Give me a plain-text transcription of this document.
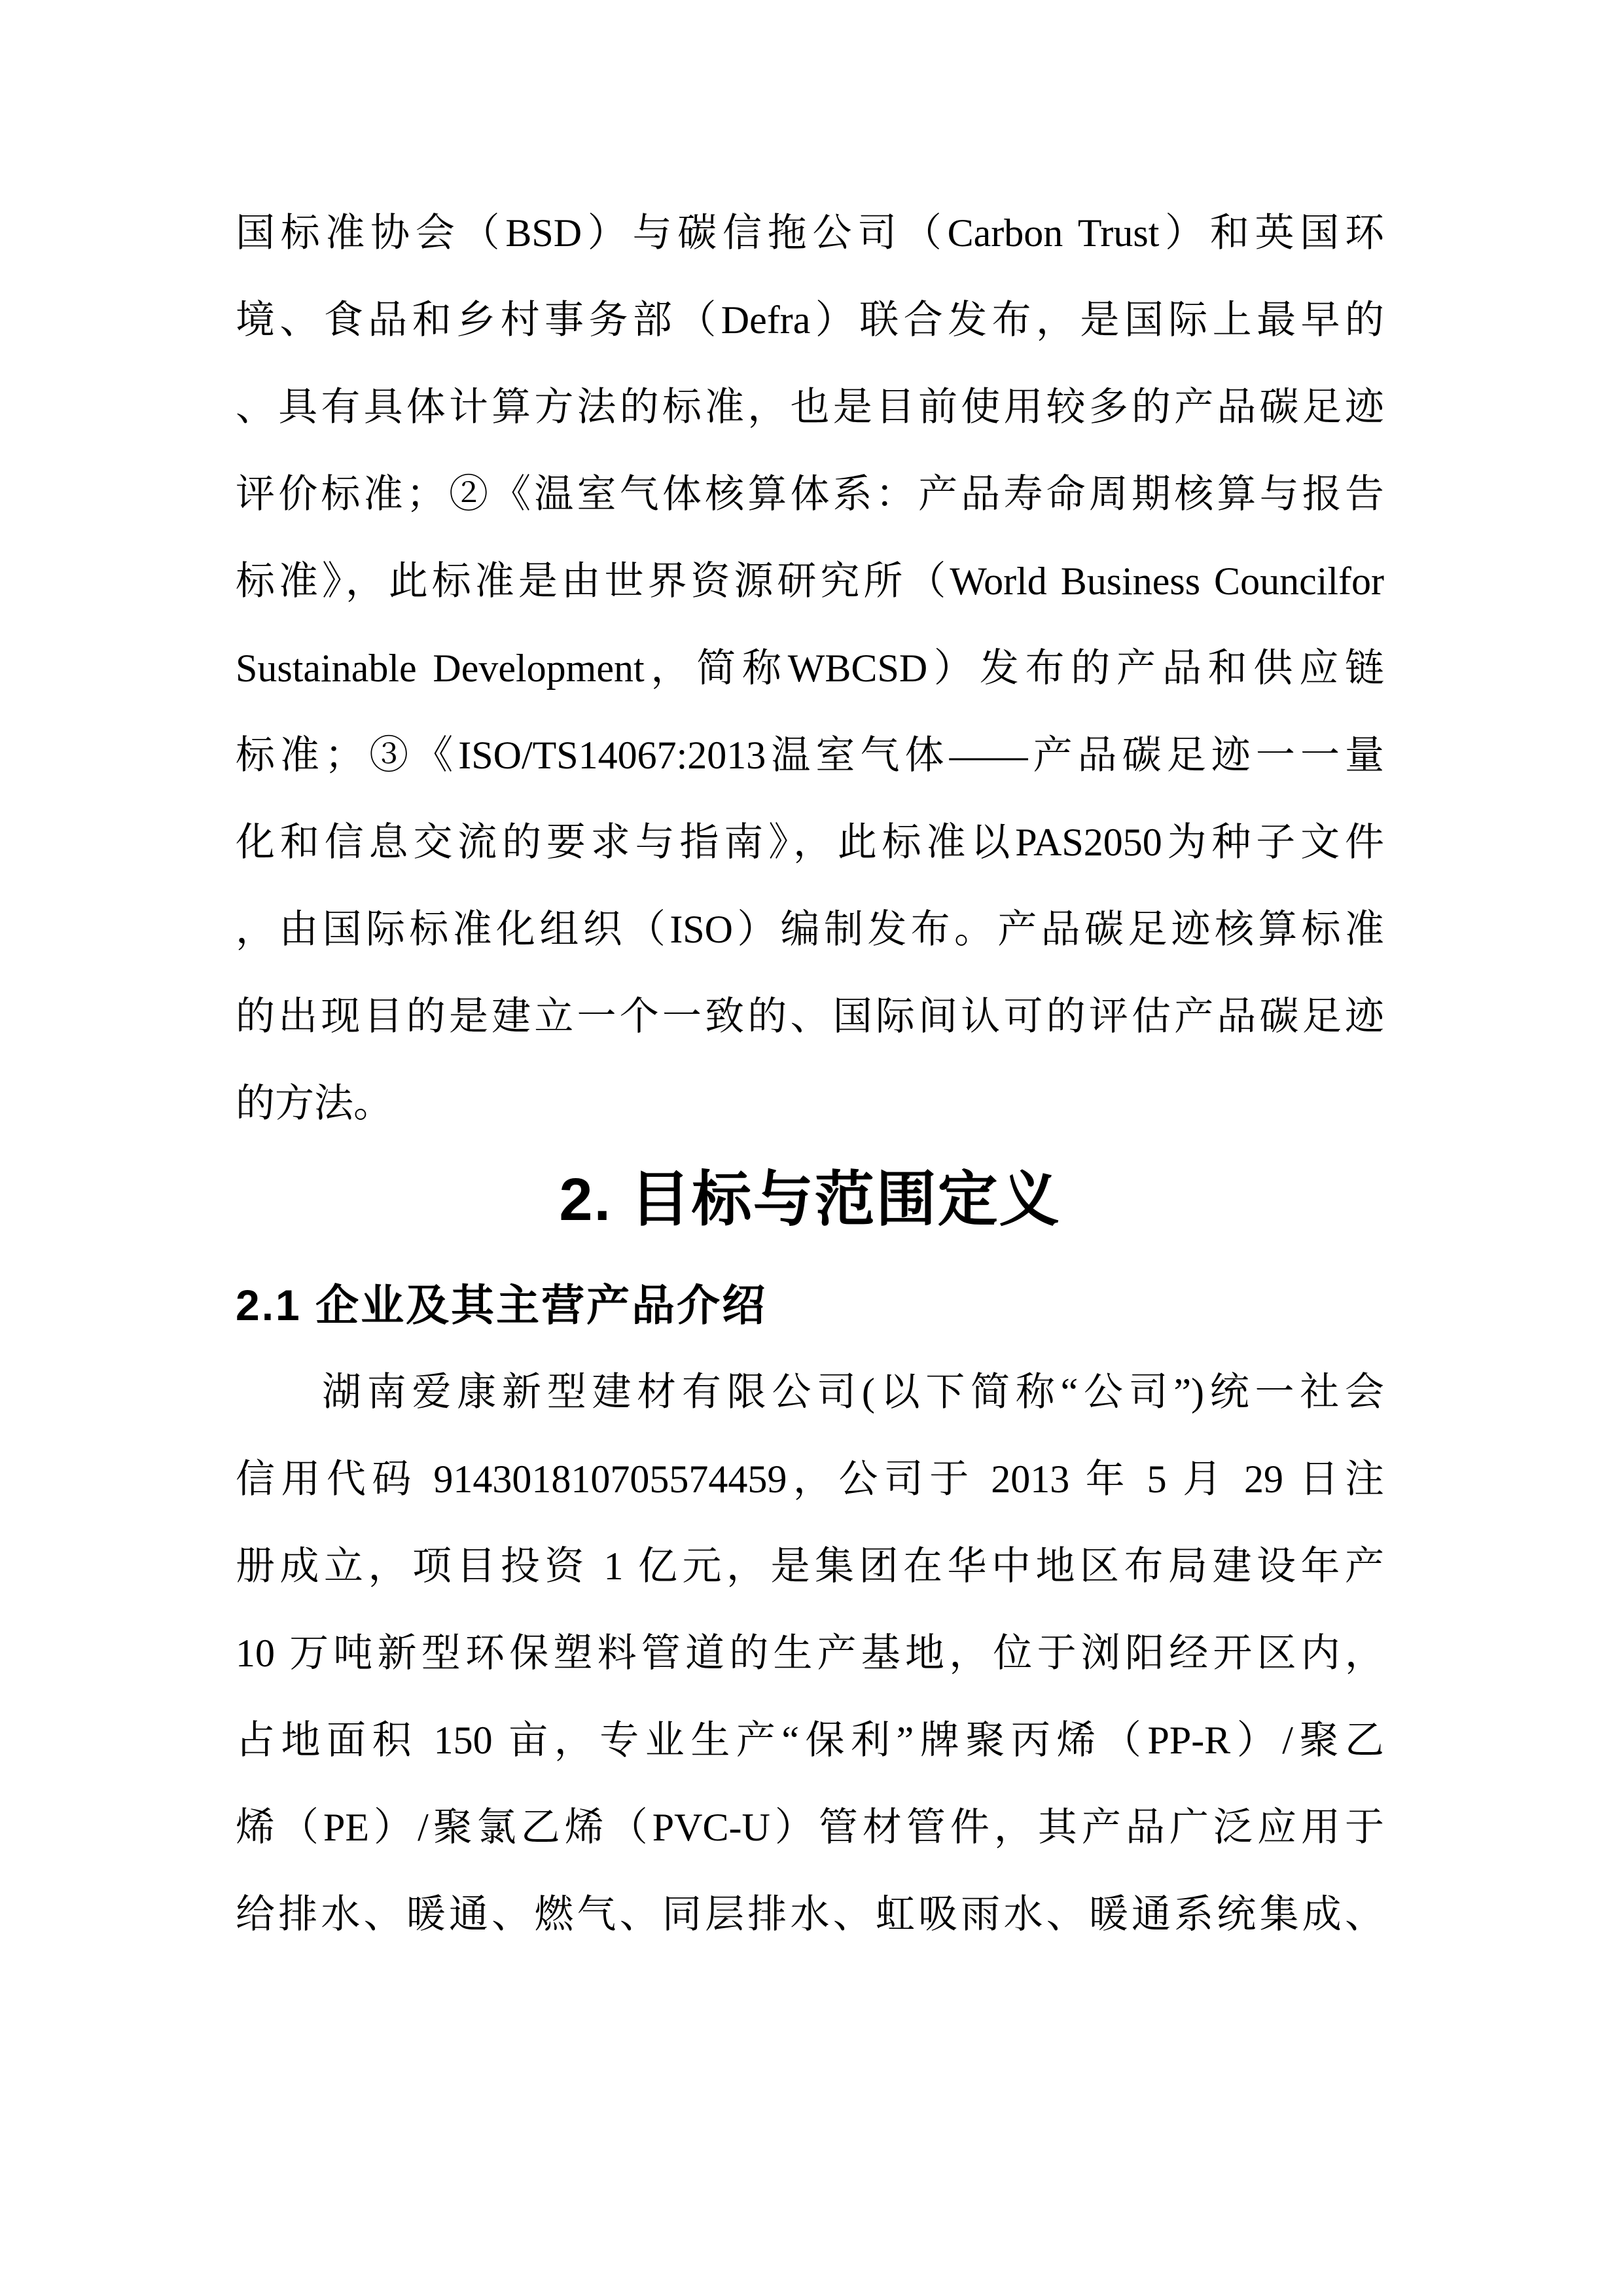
国标准协会（BSD）与碳信拖公司（Carbon Trust）和英国环
境、食品和乡村事务部（Defra）联合发布，是国际上最早的
、具有具体计算方法的标准，也是目前使用较多的产品碳足迹
评价标准；②《温室气体核算体系：产品寿命周期核算与报告
标准》，此标准是由世界资源研究所（World Business Councilfor
Sustainable Development，简称WBCSD）发布的产品和供应链
标准；③《ISO/TS14067:2013温室气体——产品碳足迹一一量
化和信息交流的要求与指南》，此标准以PAS2050为种子文件
，由国际标准化组织（ISO）编制发布。产品碳足迹核算标准
的出现目的是建立一个一致的、国际间认可的评估产品碳足迹
的方法。
2. 目标与范围定义
2.1 企业及其主营产品介绍
湖南爱康新型建材有限公司(以下简称“公司”)统一社会
信用代码 914301810705574459，公司于 2013 年 5 月 29 日注
册成立，项目投资 1 亿元，是集团在华中地区布局建设年产
10 万吨新型环保塑料管道的生产基地，位于浏阳经开区内，
占地面积 150 亩，专业生产“保利”牌聚丙烯（PP-R）/聚乙
烯（PE）/聚氯乙烯（PVC-U）管材管件，其产品广泛应用于
给排水、暖通、燃气、同层排水、虹吸雨水、暖通系统集成、
